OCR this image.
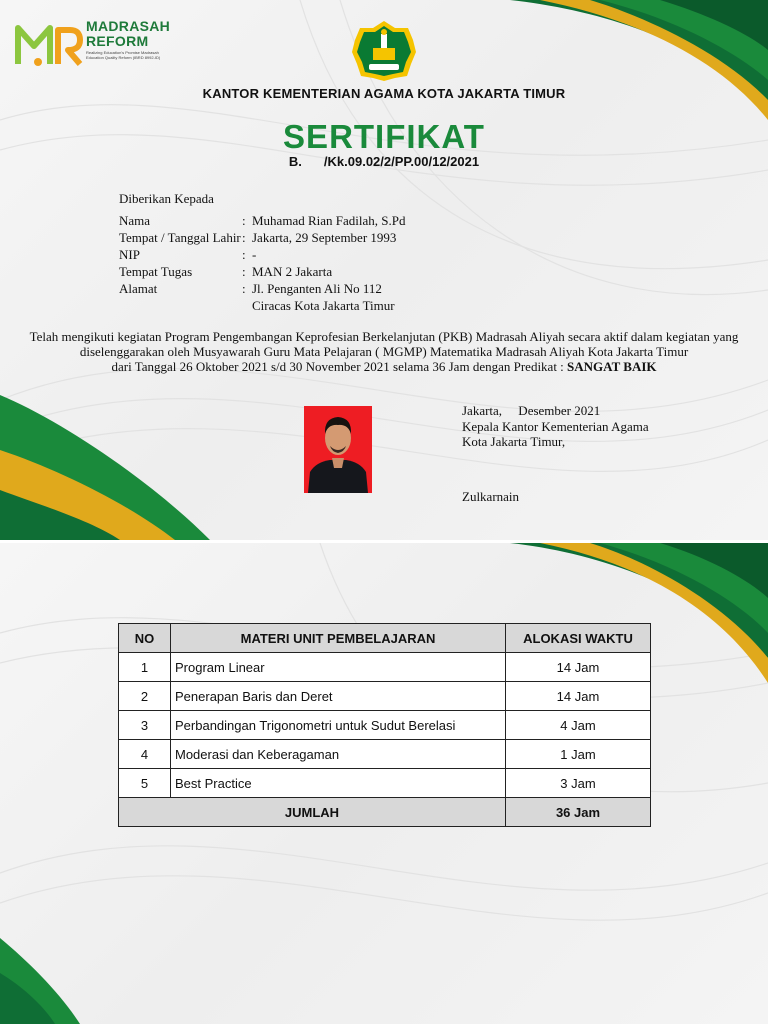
MADRASAH
REFORM
Realizing Education's Promise Madrasah Education Quality Reform (IBRD 8992-ID)
KANTOR KEMENTERIAN AGAMA KOTA JAKARTA TIMUR
SERTIFIKAT
B. /Kk.09.02/2/PP.00/12/2021
Diberikan Kepada
Nama	: Muhamad Rian Fadilah, S.Pd
Tempat / Tanggal Lahir : Jakarta, 29 September 1993
NIP	: -
Tempat Tugas	: MAN 2 Jakarta
Alamat	: Jl. Penganten Ali No 112
Ciracas Kota Jakarta Timur
Telah mengikuti kegiatan Program Pengembangan Keprofesian Berkelanjutan (PKB) Madrasah Aliyah secara aktif dalam kegiatan yang
diselenggarakan oleh Musyawarah Guru Mata Pelajaran ( MGMP) Matematika Madrasah Aliyah Kota Jakarta Timur
dari Tanggal 26 Oktober 2021 s/d 30 November 2021 selama 36 Jam dengan Predikat : SANGAT BAIK
Jakarta,     Desember 2021
Kepala Kantor Kementerian Agama
Kota Jakarta Timur,
Zulkarnain
NO	MATERI UNIT PEMBELAJARAN	ALOKASI WAKTU
1	Program Linear	14 Jam
2	Penerapan Baris dan Deret	14 Jam
3	Perbandingan Trigonometri untuk Sudut Berelasi	4 Jam
4	Moderasi dan Keberagaman	1 Jam
5	Best Practice	3 Jam
JUMLAH		36 Jam
